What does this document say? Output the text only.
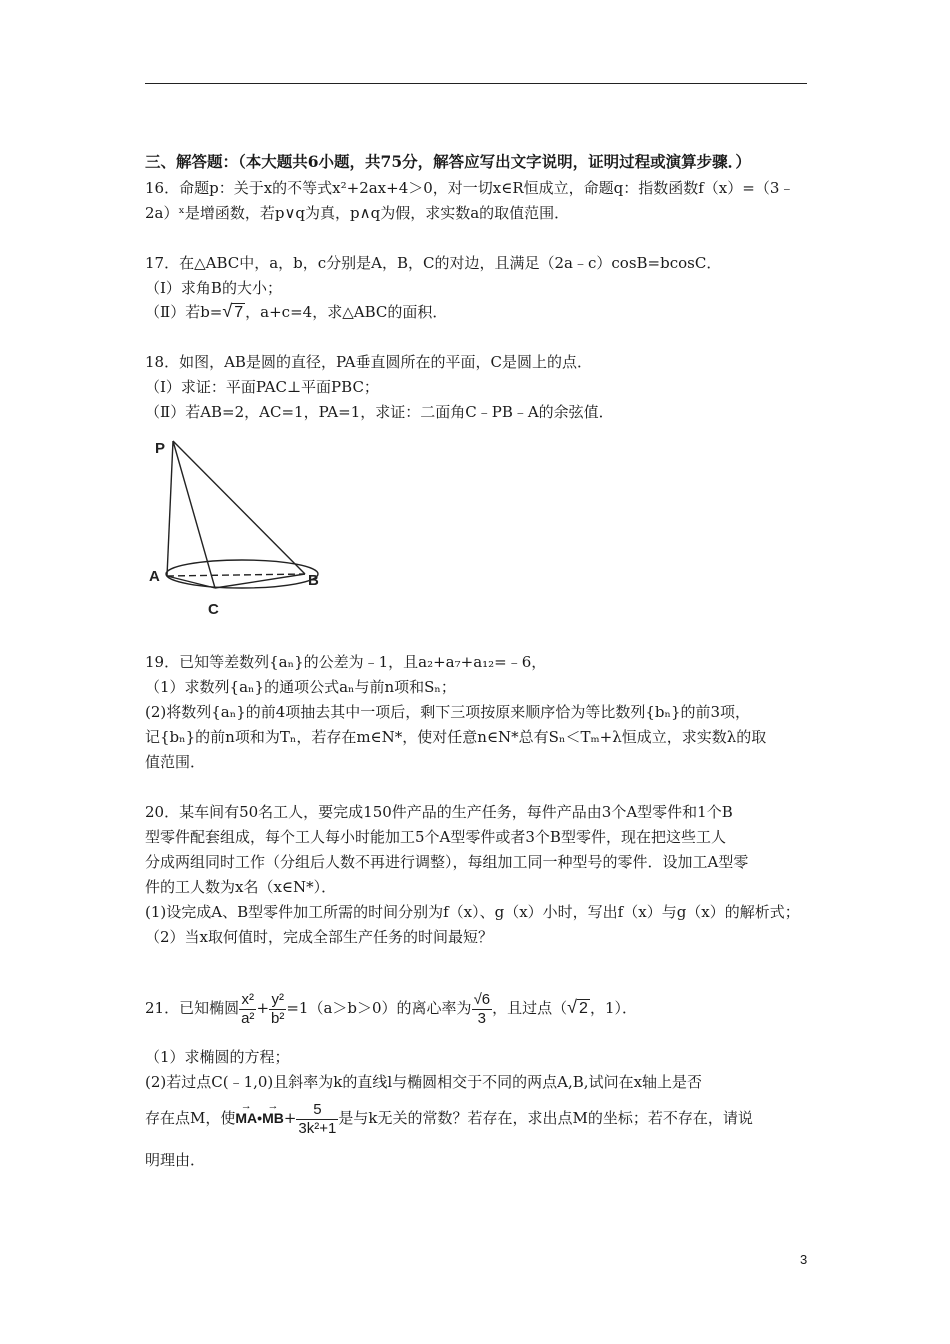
三、解答题：（本大题共6小题，共75分，解答应写出文字说明，证明过程或演算步骤．）
16．命题p：关于x的不等式x²+2ax+4＞0，对一切x∈R恒成立，命题q：指数函数f（x）=（3﹣
2a）ˣ是增函数，若p∨q为真，p∧q为假，求实数a的取值范围．
17．在△ABC中，a，b，c分别是A，B，C的对边，且满足（2a﹣c）cosB=bcosC．
（Ⅰ）求角B的大小；
（Ⅱ）若b=√ 7 ，a+c=4，求△ABC的面积．
18．如图，AB是圆的直径，PA垂直圆所在的平面，C是圆上的点．
（Ⅰ）求证：平面PAC⊥平面PBC；
（Ⅱ）若AB=2，AC=1，PA=1，求证：二面角C﹣PB﹣A的余弦值．
P
A	B
C
19．已知等差数列{aₙ}的公差为﹣1，且a₂+a₇+a₁₂=﹣6，
（1）求数列{aₙ}的通项公式aₙ与前n项和Sₙ；
(2)将数列{aₙ}的前4项抽去其中一项后，剩下三项按原来顺序恰为等比数列{bₙ}的前3项，
记{bₙ}的前n项和为Tₙ，若存在m∈N*，使对任意n∈N*总有Sₙ＜Tₘ+λ恒成立，求实数λ的取
值范围．
20．某车间有50名工人，要完成150件产品的生产任务，每件产品由3个A型零件和1个B
型零件配套组成，每个工人每小时能加工5个A型零件或者3个B型零件，现在把这些工人
分成两组同时工作（分组后人数不再进行调整），每组加工同一种型号的零件．设加工A型零
件的工人数为x名（x∈N*）．
(1)设完成A、B型零件加工所需的时间分别为f（x）、g（x）小时，写出f（x）与g（x）的解析式；
（2）当x取何值时，完成全部生产任务的时间最短？
21．已知椭圆 $\frac{\text{x²}}{\text{a²}} + \frac{\text{y²}}{\text{b²}} =1(a>b>0)$的离心率为 $\frac{√6}{3}$ ，且过点（√ 2 ，1）．
（1）求椭圆的方程；
(2)若过点C(﹣1,0)且斜率为k的直线l与椭圆相交于不同的两点A,B,试问在x轴上是否
存在点M，使
→
MA•
→
$MB+ \frac{5}{\text{3k²+1}}$ 是与k无关的常数？若存在，求出点M的坐标；若不存在，请说
明理由．
3
